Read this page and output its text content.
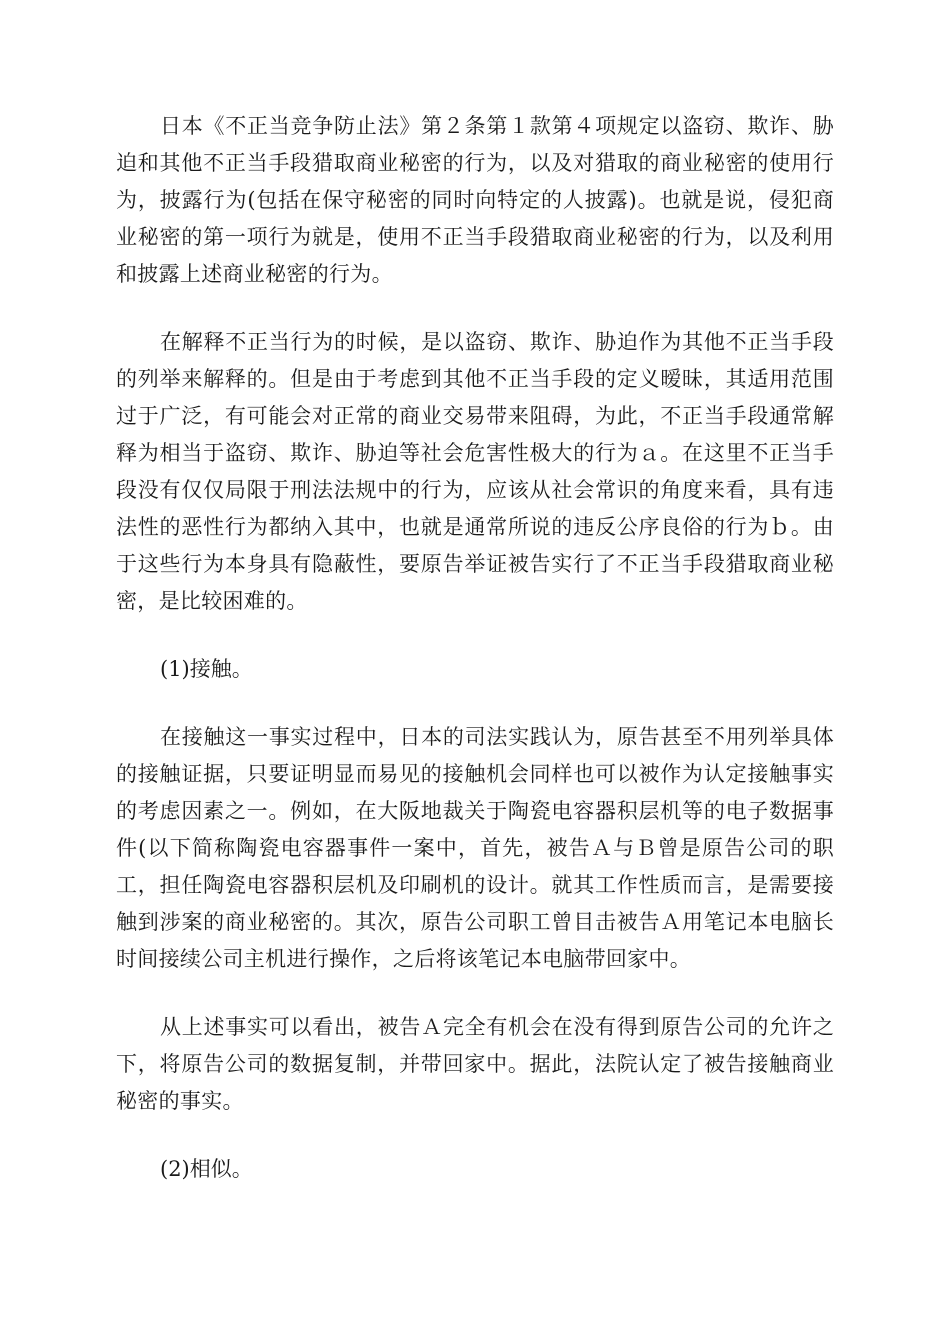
日本《不正当竞争防止法》第２条第１款第４项规定以盗窃、欺诈、胁迫和其他不正当手段猎取商业秘密的行为，以及对猎取的商业秘密的使用行为，披露行为(包括在保守秘密的同时向特定的人披露)。也就是说，侵犯商业秘密的第一项行为就是，使用不正当手段猎取商业秘密的行为，以及利用和披露上述商业秘密的行为。

在解释不正当行为的时候，是以盗窃、欺诈、胁迫作为其他不正当手段的列举来解释的。但是由于考虑到其他不正当手段的定义暧昧，其适用范围过于广泛，有可能会对正常的商业交易带来阻碍，为此，不正当手段通常解释为相当于盗窃、欺诈、胁迫等社会危害性极大的行为ａ。在这里不正当手段没有仅仅局限于刑法法规中的行为，应该从社会常识的角度来看，具有违法性的恶性行为都纳入其中，也就是通常所说的违反公序良俗的行为ｂ。由于这些行为本身具有隐蔽性，要原告举证被告实行了不正当手段猎取商业秘密，是比较困难的。

(1)接触。

在接触这一事实过程中，日本的司法实践认为，原告甚至不用列举具体的接触证据，只要证明显而易见的接触机会同样也可以被作为认定接触事实的考虑因素之一。例如，在大阪地裁关于陶瓷电容器积层机等的电子数据事件(以下简称陶瓷电容器事件一案中，首先，被告Ａ与Ｂ曾是原告公司的职工，担任陶瓷电容器积层机及印刷机的设计。就其工作性质而言，是需要接触到涉案的商业秘密的。其次，原告公司职工曾目击被告Ａ用笔记本电脑长时间接续公司主机进行操作，之后将该笔记本电脑带回家中。

从上述事实可以看出，被告Ａ完全有机会在没有得到原告公司的允许之下，将原告公司的数据复制，并带回家中。据此，法院认定了被告接触商业秘密的事实。

(2)相似。
